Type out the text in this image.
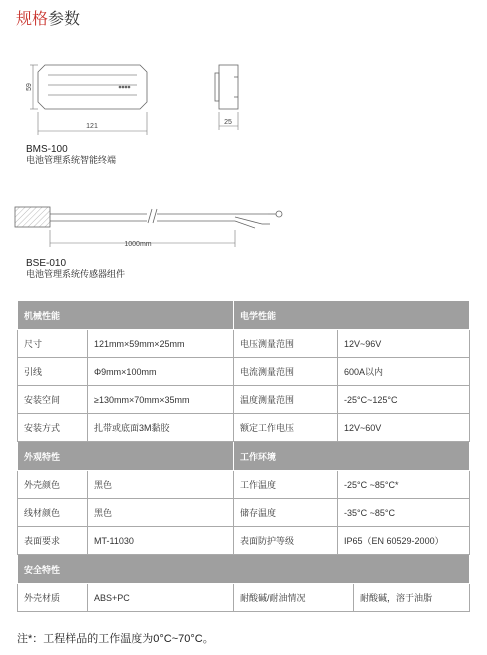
规格参数
59
121
25
1000mm
BMS-100
电池管理系统智能终端
BSE-010
电池管理系统传感器组件
机械性能		电学性能		
尺寸	121mm×59mm×25mm	电压测量范围	12V~96V	
引线	Φ9mm×100mm	电流测量范围	600A以内	
安装空间	≥130mm×70mm×35mm	温度测量范围	-25°C~125°C	
安装方式	扎带或底面3M黏胶	额定工作电压	12V~60V	
外观特性		工作环境		
外壳颜色	黑色	工作温度	-25°C ~85°C*	
线材颜色	黑色	储存温度	-35°C ~85°C	
表面要求	MT-11030	表面防护等级	IP65（EN 60529-2000）	
安全特性				
外壳材质	ABS+PC	耐酸碱/耐油情况		耐酸碱，溶于油脂
注*：工程样品的工作温度为0°C~70°C。
